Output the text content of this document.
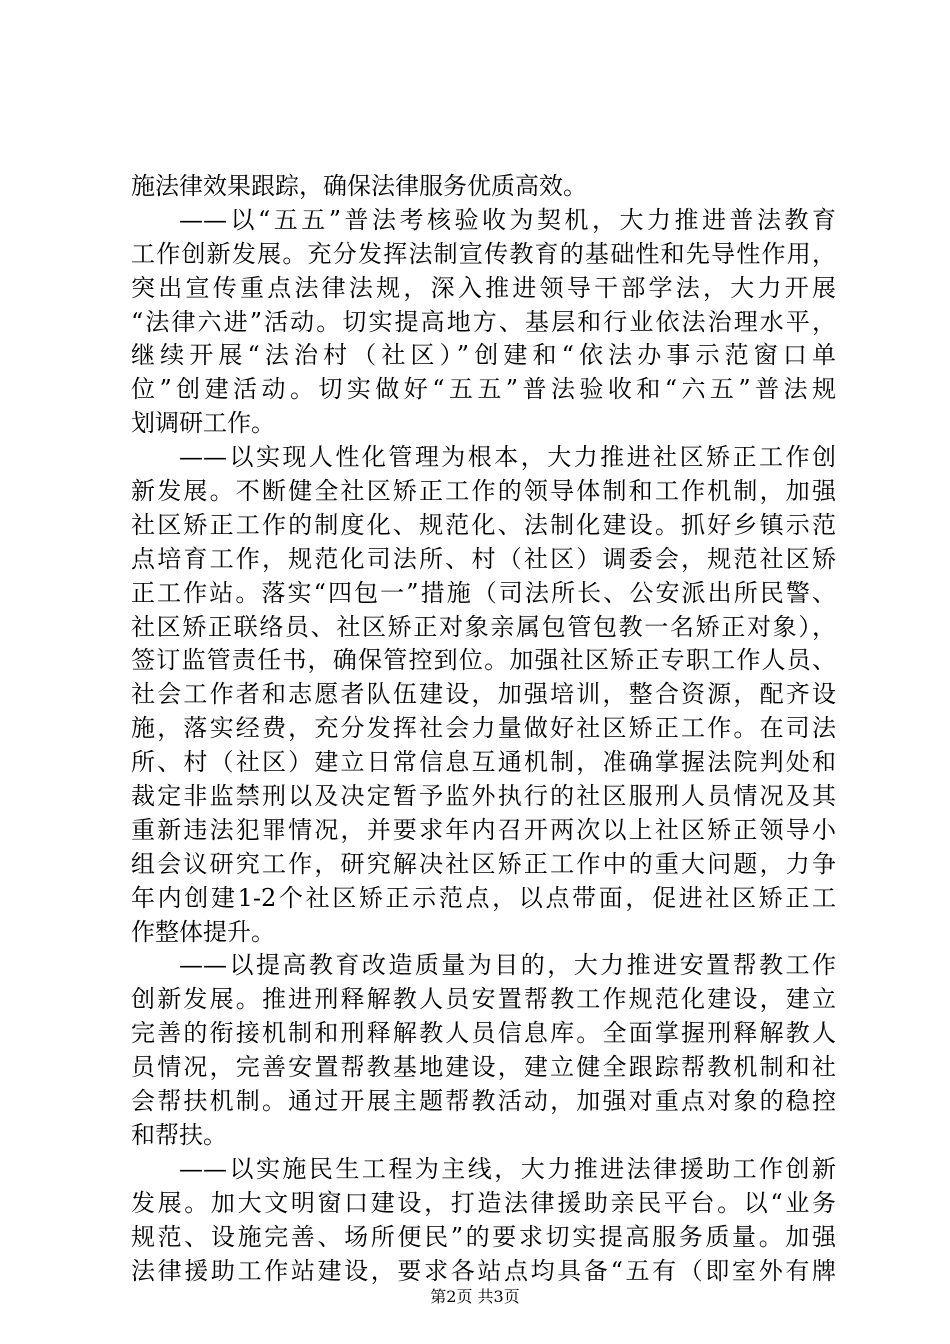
施法律效果跟踪，确保法律服务优质高效。
——以“五五”普法考核验收为契机，大力推进普法教育
工作创新发展。充分发挥法制宣传教育的基础性和先导性作用，
突出宣传重点法律法规，深入推进领导干部学法，大力开展
“法律六进”活动。切实提高地方、基层和行业依法治理水平，
继续开展“法治村（社区）”创建和“依法办事示范窗口单
位”创建活动。切实做好“五五”普法验收和“六五”普法规
划调研工作。
——以实现人性化管理为根本，大力推进社区矫正工作创
新发展。不断健全社区矫正工作的领导体制和工作机制，加强
社区矫正工作的制度化、规范化、法制化建设。抓好乡镇示范
点培育工作，规范化司法所、村（社区）调委会，规范社区矫
正工作站。落实“四包一”措施（司法所长、公安派出所民警、
社区矫正联络员、社区矫正对象亲属包管包教一名矫正对象），
签订监管责任书，确保管控到位。加强社区矫正专职工作人员、
社会工作者和志愿者队伍建设，加强培训，整合资源，配齐设
施，落实经费，充分发挥社会力量做好社区矫正工作。在司法
所、村（社区）建立日常信息互通机制，准确掌握法院判处和
裁定非监禁刑以及决定暂予监外执行的社区服刑人员情况及其
重新违法犯罪情况，并要求年内召开两次以上社区矫正领导小
组会议研究工作，研究解决社区矫正工作中的重大问题，力争
年内创建1-2个社区矫正示范点，以点带面，促进社区矫正工
作整体提升。
——以提高教育改造质量为目的，大力推进安置帮教工作
创新发展。推进刑释解教人员安置帮教工作规范化建设，建立
完善的衔接机制和刑释解教人员信息库。全面掌握刑释解教人
员情况，完善安置帮教基地建设，建立健全跟踪帮教机制和社
会帮扶机制。通过开展主题帮教活动，加强对重点对象的稳控
和帮扶。
——以实施民生工程为主线，大力推进法律援助工作创新
发展。加大文明窗口建设，打造法律援助亲民平台。以“业务
规范、设施完善、场所便民”的要求切实提高服务质量。加强
法律援助工作站建设，要求各站点均具备“五有（即室外有牌
第2页 共3页
